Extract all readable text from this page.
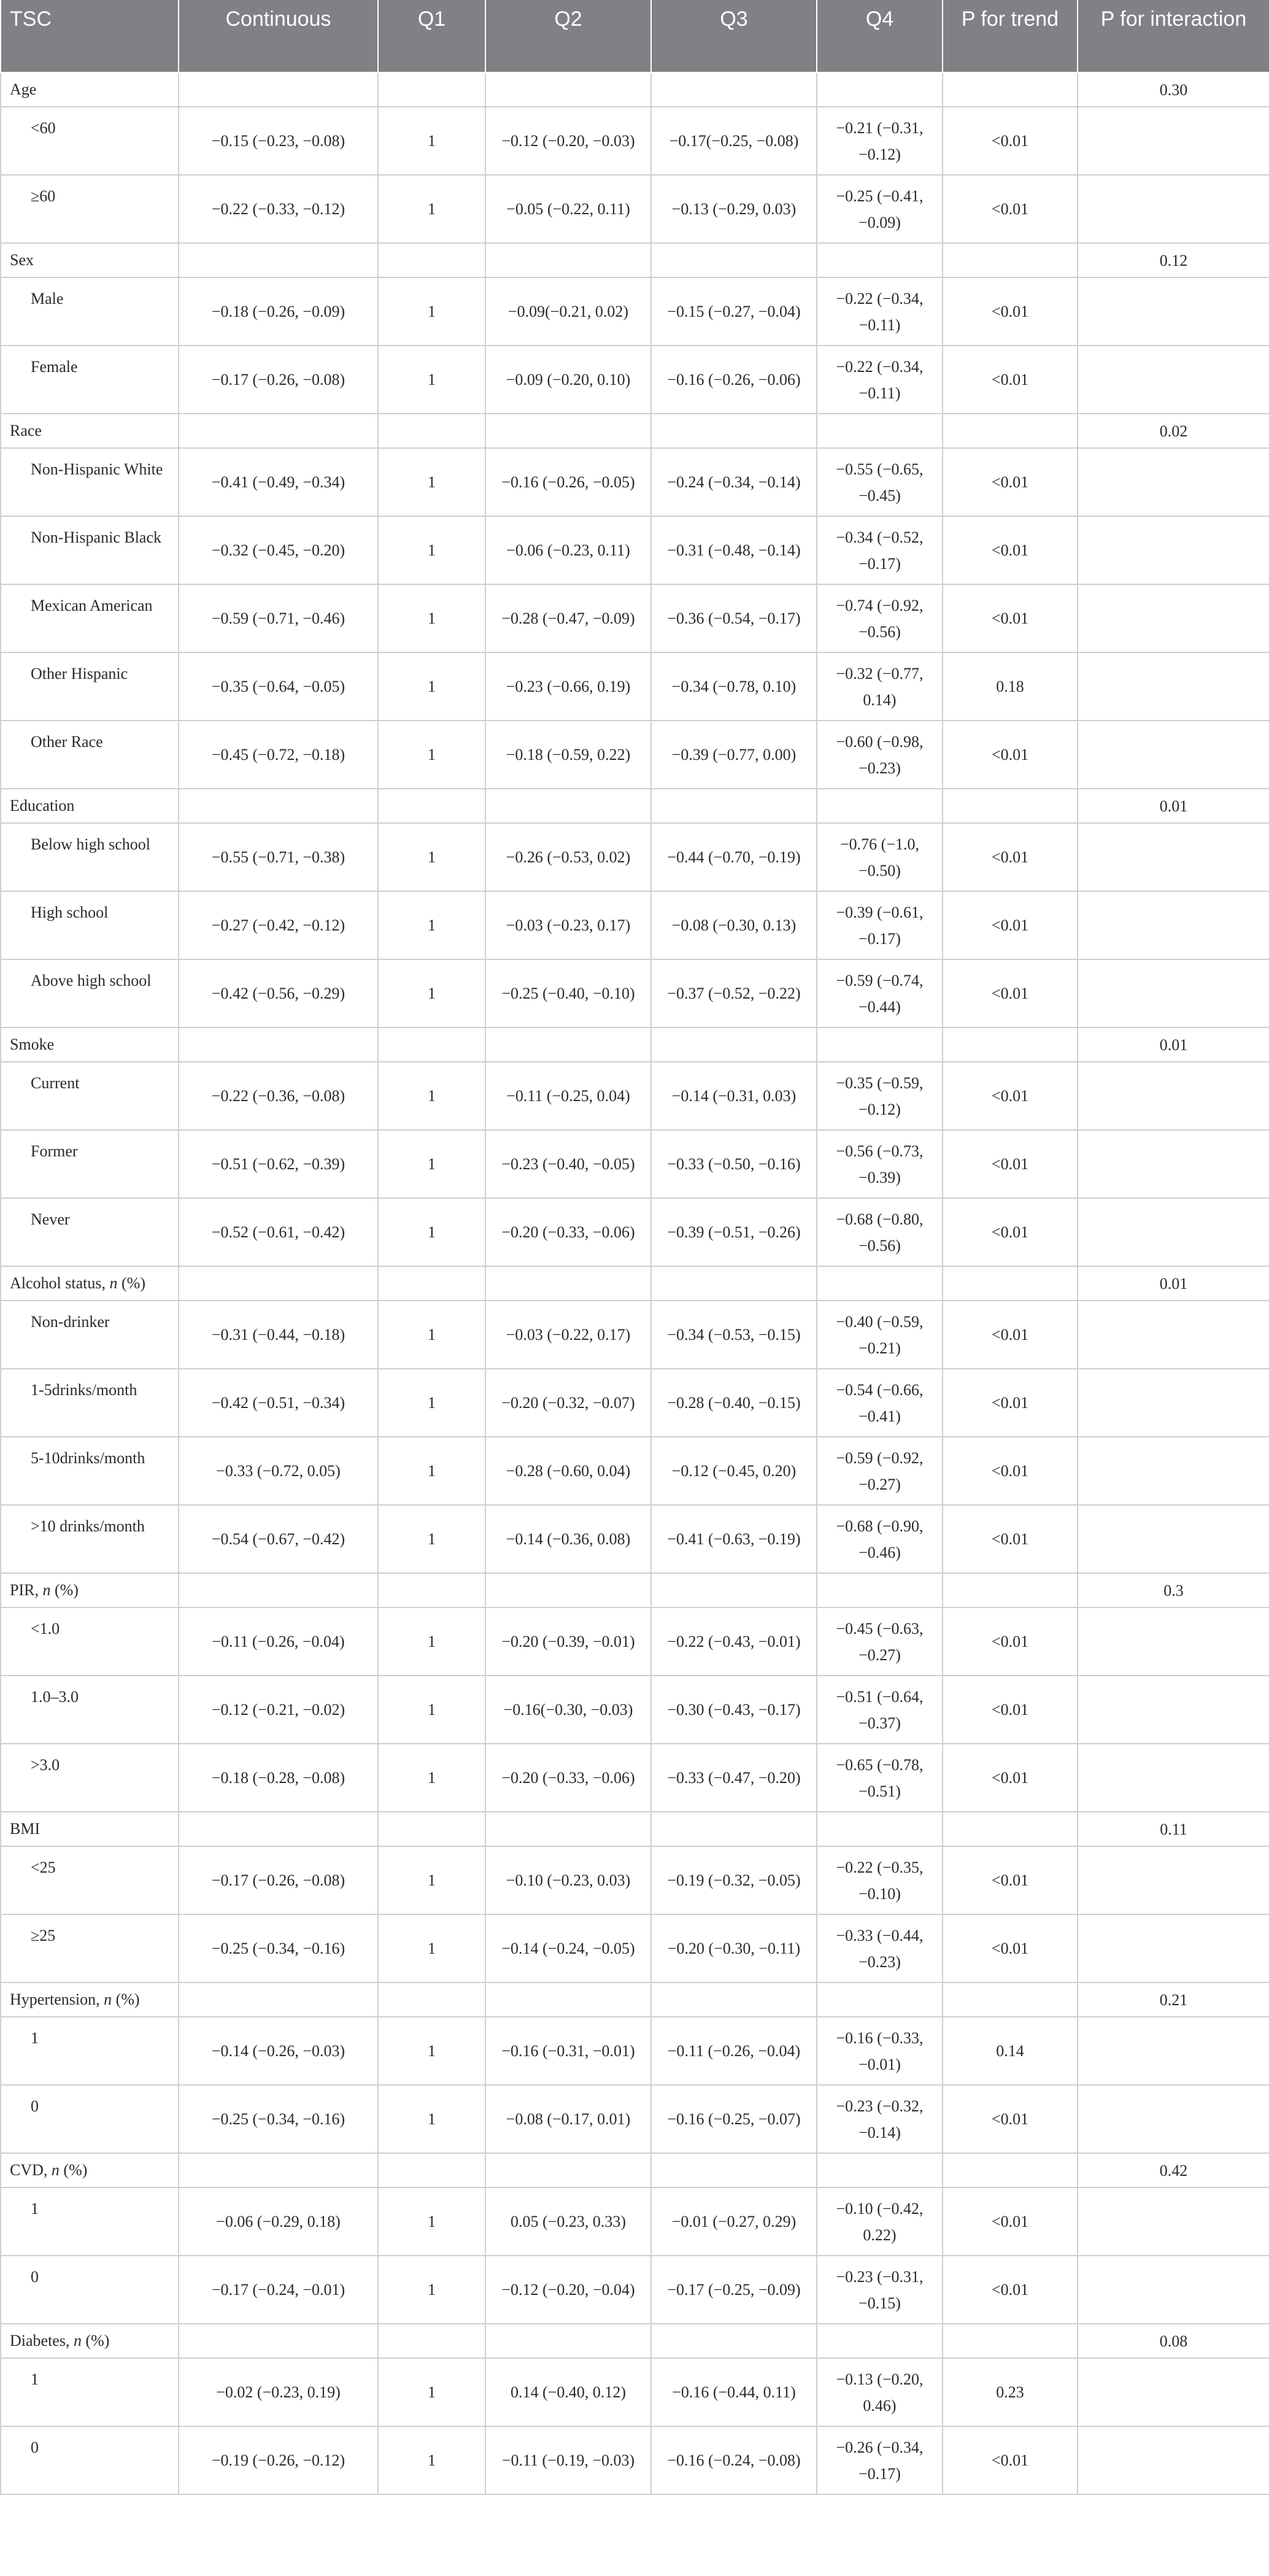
TSC	Continuous	Q1	Q2	Q3	Q4	P for trend	P for interaction
Age							0.30
<60	−0.15 (−0.23, −0.08)	1	−0.12 (−0.20, −0.03)	−0.17(−0.25, −0.08)	−0.21 (−0.31, −0.12)	<0.01	
≥60	−0.22 (−0.33, −0.12)	1	−0.05 (−0.22, 0.11)	−0.13 (−0.29, 0.03)	−0.25 (−0.41, −0.09)	<0.01	
Sex							0.12
Male	−0.18 (−0.26, −0.09)	1	−0.09(−0.21, 0.02)	−0.15 (−0.27, −0.04)	−0.22 (−0.34, −0.11)	<0.01	
Female	−0.17 (−0.26, −0.08)	1	−0.09 (−0.20, 0.10)	−0.16 (−0.26, −0.06)	−0.22 (−0.34, −0.11)	<0.01	
Race							0.02
Non-Hispanic White	−0.41 (−0.49, −0.34)	1	−0.16 (−0.26, −0.05)	−0.24 (−0.34, −0.14)	−0.55 (−0.65, −0.45)	<0.01	
Non-Hispanic Black	−0.32 (−0.45, −0.20)	1	−0.06 (−0.23, 0.11)	−0.31 (−0.48, −0.14)	−0.34 (−0.52, −0.17)	<0.01	
Mexican American	−0.59 (−0.71, −0.46)	1	−0.28 (−0.47, −0.09)	−0.36 (−0.54, −0.17)	−0.74 (−0.92, −0.56)	<0.01	
Other Hispanic	−0.35 (−0.64, −0.05)	1	−0.23 (−0.66, 0.19)	−0.34 (−0.78, 0.10)	−0.32 (−0.77, 0.14)	0.18	
Other Race	−0.45 (−0.72, −0.18)	1	−0.18 (−0.59, 0.22)	−0.39 (−0.77, 0.00)	−0.60 (−0.98, −0.23)	<0.01	
Education							0.01
Below high school	−0.55 (−0.71, −0.38)	1	−0.26 (−0.53, 0.02)	−0.44 (−0.70, −0.19)	−0.76 (−1.0, −0.50)	<0.01	
High school	−0.27 (−0.42, −0.12)	1	−0.03 (−0.23, 0.17)	−0.08 (−0.30, 0.13)	−0.39 (−0.61, −0.17)	<0.01	
Above high school	−0.42 (−0.56, −0.29)	1	−0.25 (−0.40, −0.10)	−0.37 (−0.52, −0.22)	−0.59 (−0.74, −0.44)	<0.01	
Smoke							0.01
Current	−0.22 (−0.36, −0.08)	1	−0.11 (−0.25, 0.04)	−0.14 (−0.31, 0.03)	−0.35 (−0.59, −0.12)	<0.01	
Former	−0.51 (−0.62, −0.39)	1	−0.23 (−0.40, −0.05)	−0.33 (−0.50, −0.16)	−0.56 (−0.73, −0.39)	<0.01	
Never	−0.52 (−0.61, −0.42)	1	−0.20 (−0.33, −0.06)	−0.39 (−0.51, −0.26)	−0.68 (−0.80, −0.56)	<0.01	
Alcohol status, n (%)							0.01
Non-drinker	−0.31 (−0.44, −0.18)	1	−0.03 (−0.22, 0.17)	−0.34 (−0.53, −0.15)	−0.40 (−0.59, −0.21)	<0.01	
1-5drinks/month	−0.42 (−0.51, −0.34)	1	−0.20 (−0.32, −0.07)	−0.28 (−0.40, −0.15)	−0.54 (−0.66, −0.41)	<0.01	
5-10drinks/month	−0.33 (−0.72, 0.05)	1	−0.28 (−0.60, 0.04)	−0.12 (−0.45, 0.20)	−0.59 (−0.92, −0.27)	<0.01	
>10 drinks/month	−0.54 (−0.67, −0.42)	1	−0.14 (−0.36, 0.08)	−0.41 (−0.63, −0.19)	−0.68 (−0.90, −0.46)	<0.01	
PIR, n (%)							0.3
<1.0	−0.11 (−0.26, −0.04)	1	−0.20 (−0.39, −0.01)	−0.22 (−0.43, −0.01)	−0.45 (−0.63, −0.27)	<0.01	
1.0–3.0	−0.12 (−0.21, −0.02)	1	−0.16(−0.30, −0.03)	−0.30 (−0.43, −0.17)	−0.51 (−0.64, −0.37)	<0.01	
>3.0	−0.18 (−0.28, −0.08)	1	−0.20 (−0.33, −0.06)	−0.33 (−0.47, −0.20)	−0.65 (−0.78, −0.51)	<0.01	
BMI							0.11
<25	−0.17 (−0.26, −0.08)	1	−0.10 (−0.23, 0.03)	−0.19 (−0.32, −0.05)	−0.22 (−0.35, −0.10)	<0.01	
≥25	−0.25 (−0.34, −0.16)	1	−0.14 (−0.24, −0.05)	−0.20 (−0.30, −0.11)	−0.33 (−0.44, −0.23)	<0.01	
Hypertension, n (%)							0.21
1	−0.14 (−0.26, −0.03)	1	−0.16 (−0.31, −0.01)	−0.11 (−0.26, −0.04)	−0.16 (−0.33, −0.01)	0.14	
0	−0.25 (−0.34, −0.16)	1	−0.08 (−0.17, 0.01)	−0.16 (−0.25, −0.07)	−0.23 (−0.32, −0.14)	<0.01	
CVD, n (%)							0.42
1	−0.06 (−0.29, 0.18)	1	0.05 (−0.23, 0.33)	−0.01 (−0.27, 0.29)	−0.10 (−0.42, 0.22)	<0.01	
0	−0.17 (−0.24, −0.01)	1	−0.12 (−0.20, −0.04)	−0.17 (−0.25, −0.09)	−0.23 (−0.31, −0.15)	<0.01	
Diabetes, n (%)							0.08
1	−0.02 (−0.23, 0.19)	1	0.14 (−0.40, 0.12)	−0.16 (−0.44, 0.11)	−0.13 (−0.20, 0.46)	0.23	
0	−0.19 (−0.26, −0.12)	1	−0.11 (−0.19, −0.03)	−0.16 (−0.24, −0.08)	−0.26 (−0.34, −0.17)	<0.01	
